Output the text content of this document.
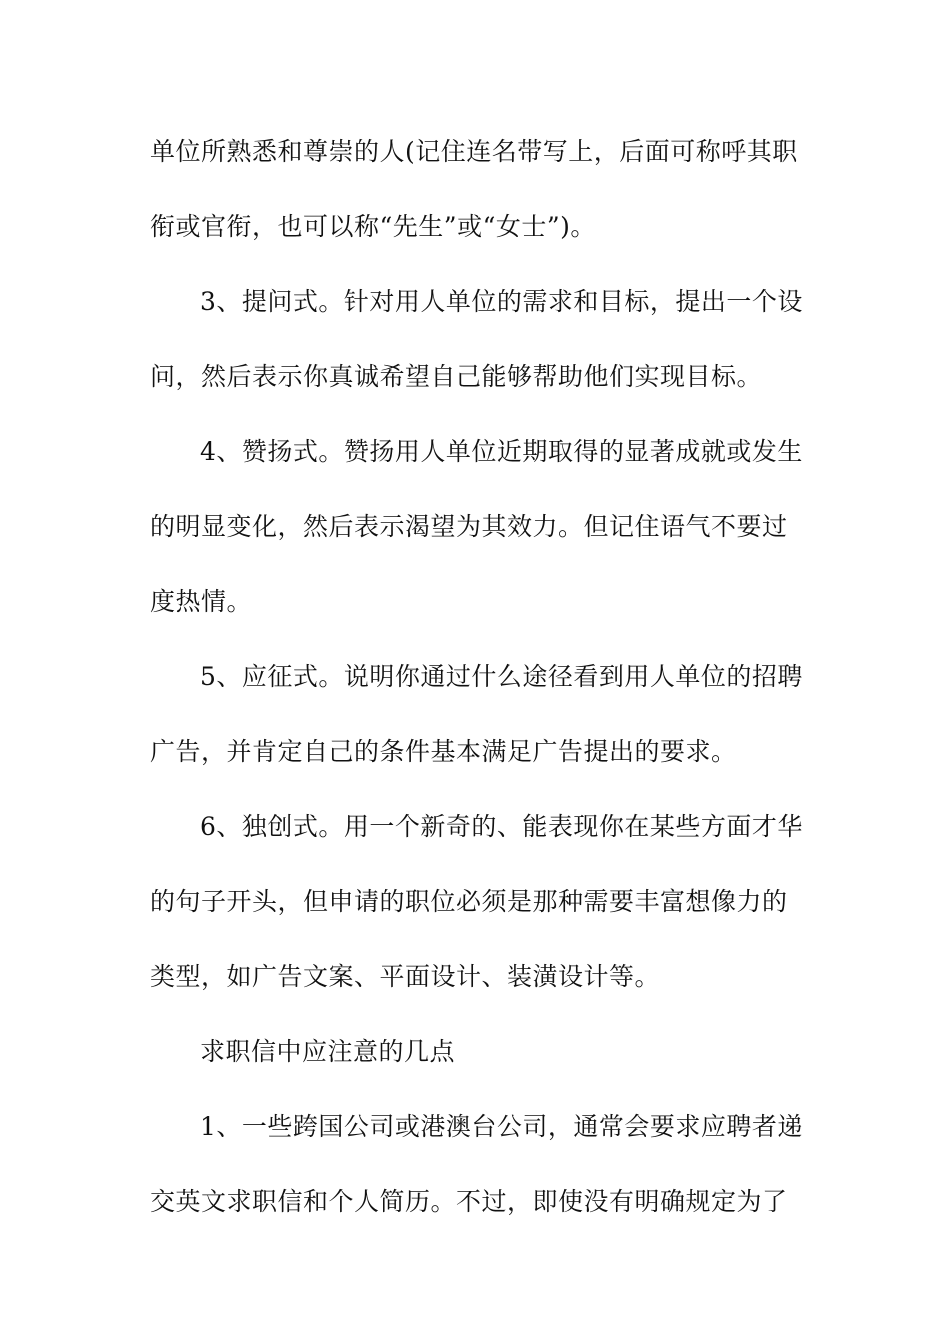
单位所熟悉和尊崇的人(记住连名带写上，后面可称呼其职
衔或官衔，也可以称“先生”或“女士”)。
3、提问式。针对用人单位的需求和目标，提出一个设
问，然后表示你真诚希望自己能够帮助他们实现目标。
4、赞扬式。赞扬用人单位近期取得的显著成就或发生
的明显变化，然后表示渴望为其效力。但记住语气不要过
度热情。
5、应征式。说明你通过什么途径看到用人单位的招聘
广告，并肯定自己的条件基本满足广告提出的要求。
6、独创式。用一个新奇的、能表现你在某些方面才华
的句子开头，但申请的职位必须是那种需要丰富想像力的
类型，如广告文案、平面设计、装潢设计等。
求职信中应注意的几点
1、一些跨国公司或港澳台公司，通常会要求应聘者递
交英文求职信和个人简历。不过，即使没有明确规定为了
